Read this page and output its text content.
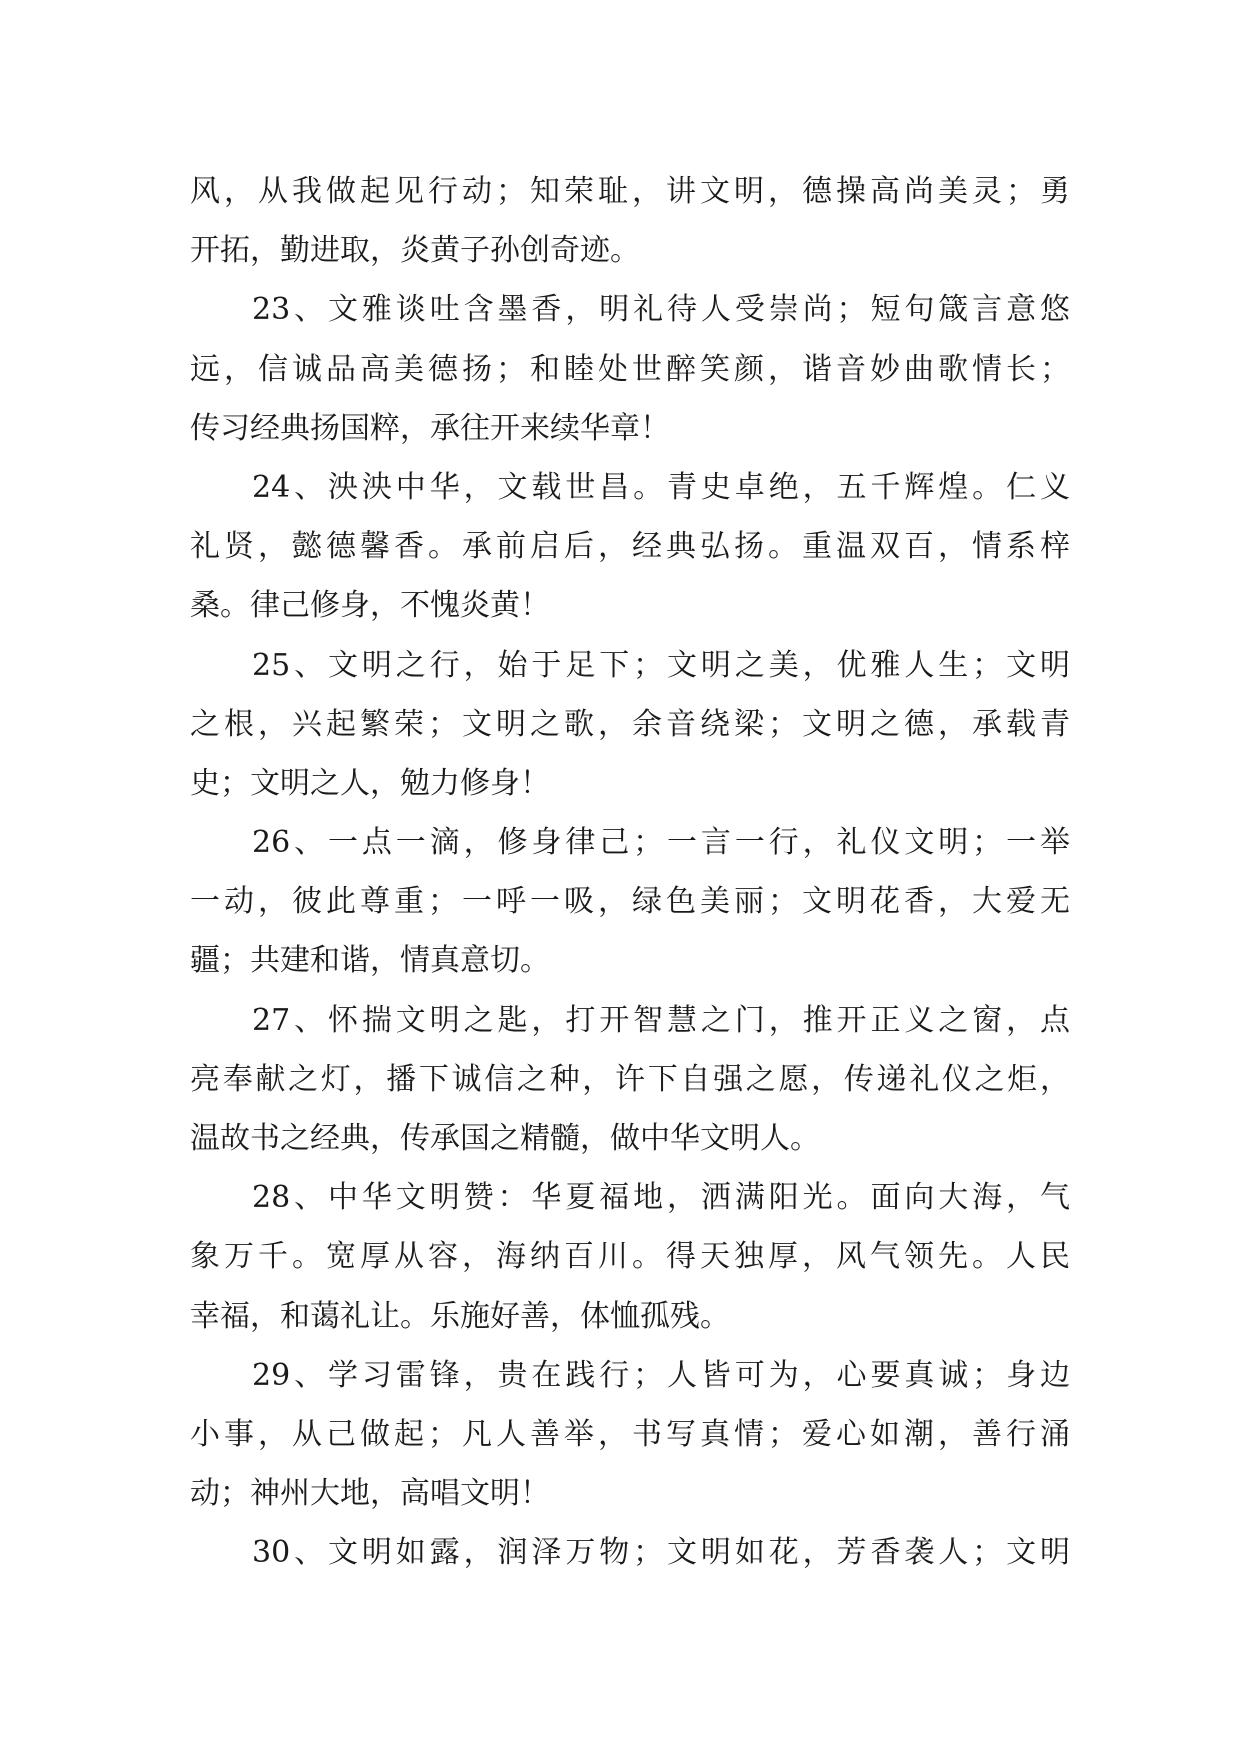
风，从我做起见行动；知荣耻，讲文明，德操高尚美灵；勇
开拓，勤进取，炎黄子孙创奇迹。
23、文雅谈吐含墨香，明礼待人受崇尚；短句箴言意悠
远，信诚品高美德扬；和睦处世醉笑颜，谐音妙曲歌情长；
传习经典扬国粹，承往开来续华章！
24、泱泱中华，文载世昌。青史卓绝，五千辉煌。仁义
礼贤，懿德馨香。承前启后，经典弘扬。重温双百，情系梓
桑。律己修身，不愧炎黄！
25、文明之行，始于足下；文明之美，优雅人生；文明
之根，兴起繁荣；文明之歌，余音绕梁；文明之德，承载青
史；文明之人，勉力修身！
26、一点一滴，修身律己；一言一行，礼仪文明；一举
一动，彼此尊重；一呼一吸，绿色美丽；文明花香，大爱无
疆；共建和谐，情真意切。
27、怀揣文明之匙，打开智慧之门，推开正义之窗，点
亮奉献之灯，播下诚信之种，许下自强之愿，传递礼仪之炬，
温故书之经典，传承国之精髓，做中华文明人。
28、中华文明赞：华夏福地，洒满阳光。面向大海，气
象万千。宽厚从容，海纳百川。得天独厚，风气领先。人民
幸福，和蔼礼让。乐施好善，体恤孤残。
29、学习雷锋，贵在践行；人皆可为，心要真诚；身边
小事，从己做起；凡人善举，书写真情；爱心如潮，善行涌
动；神州大地，高唱文明！
30、文明如露，润泽万物；文明如花，芳香袭人；文明
